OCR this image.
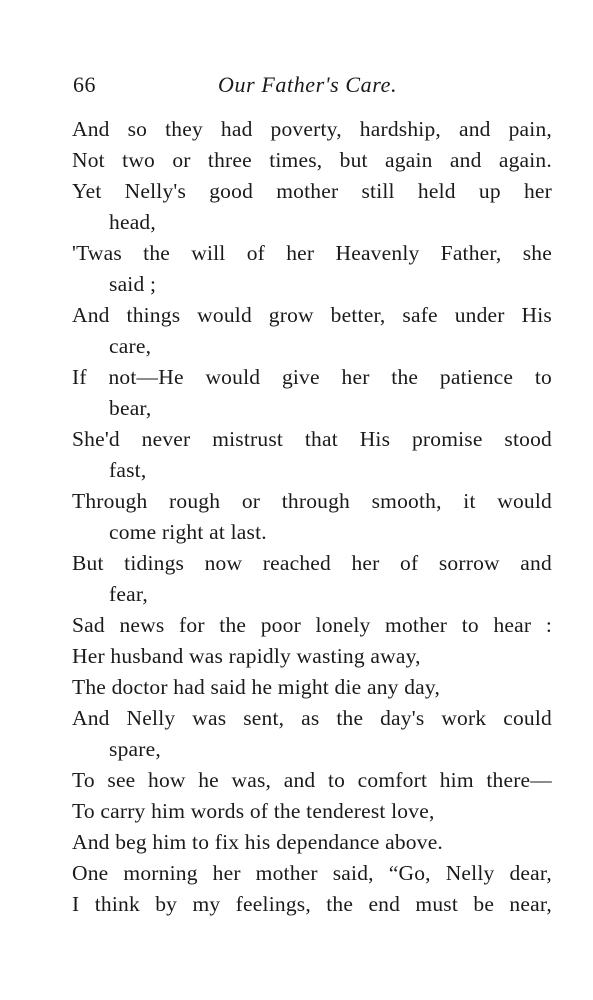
66	Our Father's Care.
And so they had poverty, hardship, and pain,
Not two or three times, but again and again.
Yet Nelly's good mother still held up her
head,
'Twas the will of her Heavenly Father, she
said ;
And things would grow better, safe under His
care,
If not—He would give her the patience to
bear,
She'd never mistrust that His promise stood
fast,
Through rough or through smooth, it would
come right at last.
But tidings now reached her of sorrow and
fear,
Sad news for the poor lonely mother to hear :
Her husband was rapidly wasting away,
The doctor had said he might die any day,
And Nelly was sent, as the day's work could
spare,
To see how he was, and to comfort him there—
To carry him words of the tenderest love,
And beg him to fix his dependance above.
One morning her mother said, “Go, Nelly dear,
I think by my feelings, the end must be near,
